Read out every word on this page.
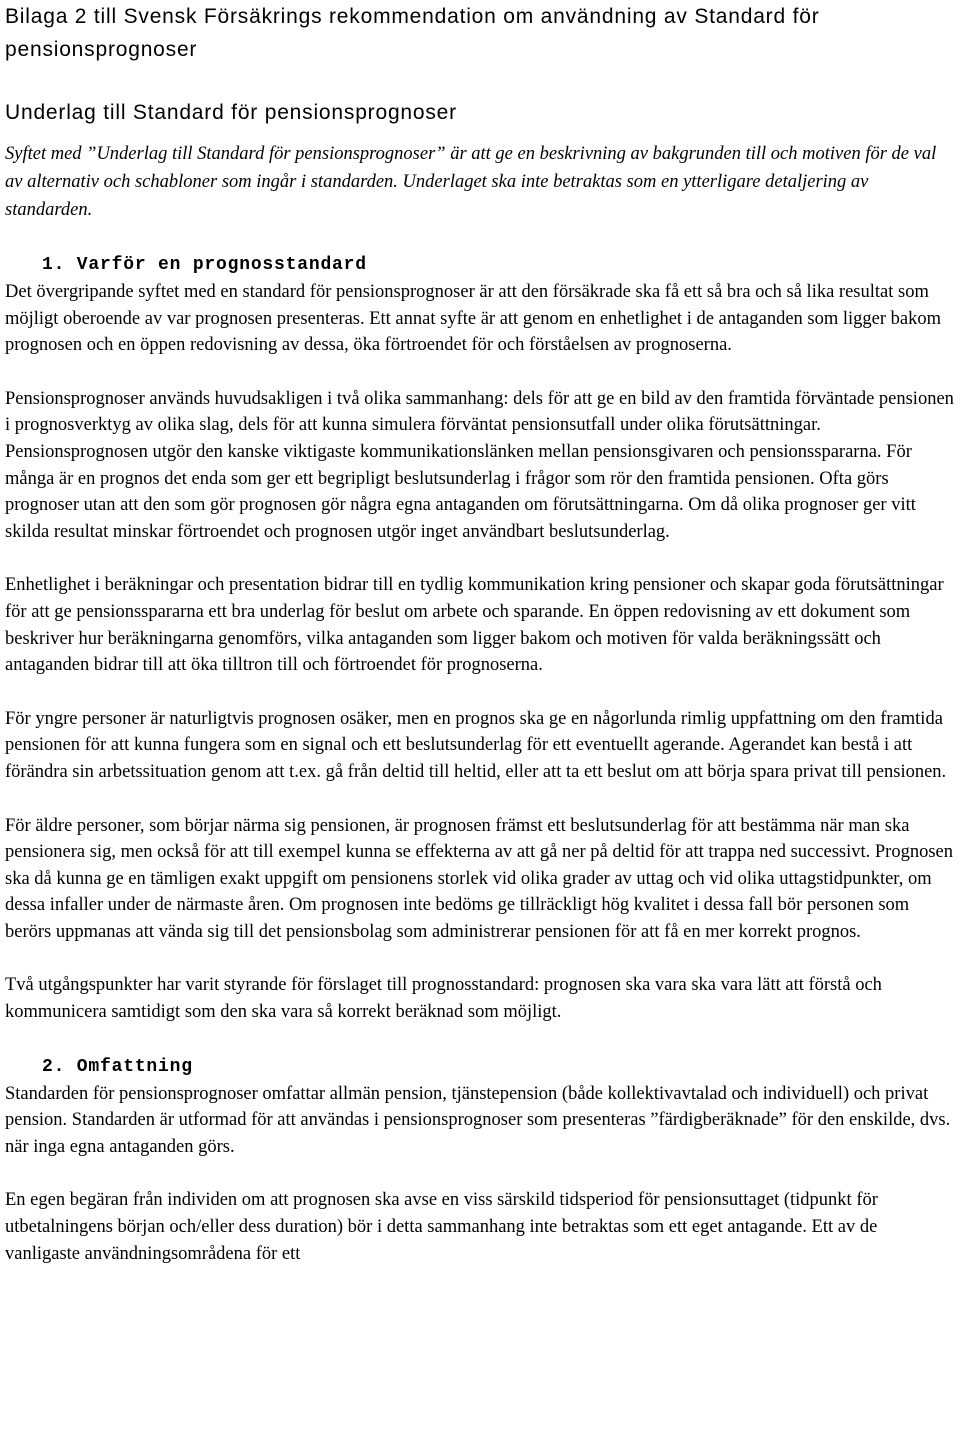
Bilaga 2 till Svensk Försäkrings rekommendation om användning av Standard för pensionsprognoser
Underlag till Standard för pensionsprognoser

Syftet med ”Underlag till Standard för pensionsprognoser” är att ge en beskrivning av bakgrunden till och motiven för de val av alternativ och schabloner som ingår i standarden. Underlaget ska inte betraktas som en ytterligare detaljering av standarden.

1. Varför en prognosstandard

Det övergripande syftet med en standard för pensionsprognoser är att den försäkrade ska få ett så bra och så lika resultat som möjligt oberoende av var prognosen presenteras. Ett annat syfte är att genom en enhetlighet i de antaganden som ligger bakom prognosen och en öppen redovisning av dessa, öka förtroendet för och förståelsen av prognoserna.

Pensionsprognoser används huvudsakligen i två olika sammanhang: dels för att ge en bild av den framtida förväntade pensionen i prognosverktyg av olika slag, dels för att kunna simulera förväntat pensionsutfall under olika förutsättningar. Pensionsprognosen utgör den kanske viktigaste kommunikationslänken mellan pensionsgivaren och pensionsspararna. För många är en prognos det enda som ger ett begripligt beslutsunderlag i frågor som rör den framtida pensionen. Ofta görs prognoser utan att den som gör prognosen gör några egna antaganden om förutsättningarna. Om då olika prognoser ger vitt skilda resultat minskar förtroendet och prognosen utgör inget användbart beslutsunderlag.

Enhetlighet i beräkningar och presentation bidrar till en tydlig kommunikation kring pensioner och skapar goda förutsättningar för att ge pensionsspararna ett bra underlag för beslut om arbete och sparande. En öppen redovisning av ett dokument som beskriver hur beräkningarna genomförs, vilka antaganden som ligger bakom och motiven för valda beräkningssätt och antaganden bidrar till att öka tilltron till och förtroendet för prognoserna.

För yngre personer är naturligtvis prognosen osäker, men en prognos ska ge en någorlunda rimlig uppfattning om den framtida pensionen för att kunna fungera som en signal och ett beslutsunderlag för ett eventuellt agerande. Agerandet kan bestå i att förändra sin arbetssituation genom att t.ex. gå från deltid till heltid, eller att ta ett beslut om att börja spara privat till pensionen.

För äldre personer, som börjar närma sig pensionen, är prognosen främst ett beslutsunderlag för att bestämma när man ska pensionera sig, men också för att till exempel kunna se effekterna av att gå ner på deltid för att trappa ned successivt. Prognosen ska då kunna ge en tämligen exakt uppgift om pensionens storlek vid olika grader av uttag och vid olika uttagstidpunkter, om dessa infaller under de närmaste åren. Om prognosen inte bedöms ge tillräckligt hög kvalitet i dessa fall bör personen som berörs uppmanas att vända sig till det pensionsbolag som administrerar pensionen för att få en mer korrekt prognos.

Två utgångspunkter har varit styrande för förslaget till prognosstandard: prognosen ska vara ska vara lätt att förstå och kommunicera samtidigt som den ska vara så korrekt beräknad som möjligt.

2. Omfattning

Standarden för pensionsprognoser omfattar allmän pension, tjänstepension (både kollektivavtalad och individuell) och privat pension. Standarden är utformad för att användas i pensionsprognoser som presenteras ”färdigberäknade” för den enskilde, dvs. när inga egna antaganden görs.

En egen begäran från individen om att prognosen ska avse en viss särskild tidsperiod för pensionsuttaget (tidpunkt för utbetalningens början och/eller dess duration) bör i detta sammanhang inte betraktas som ett eget antagande. Ett av de vanligaste användningsområdena för ett
